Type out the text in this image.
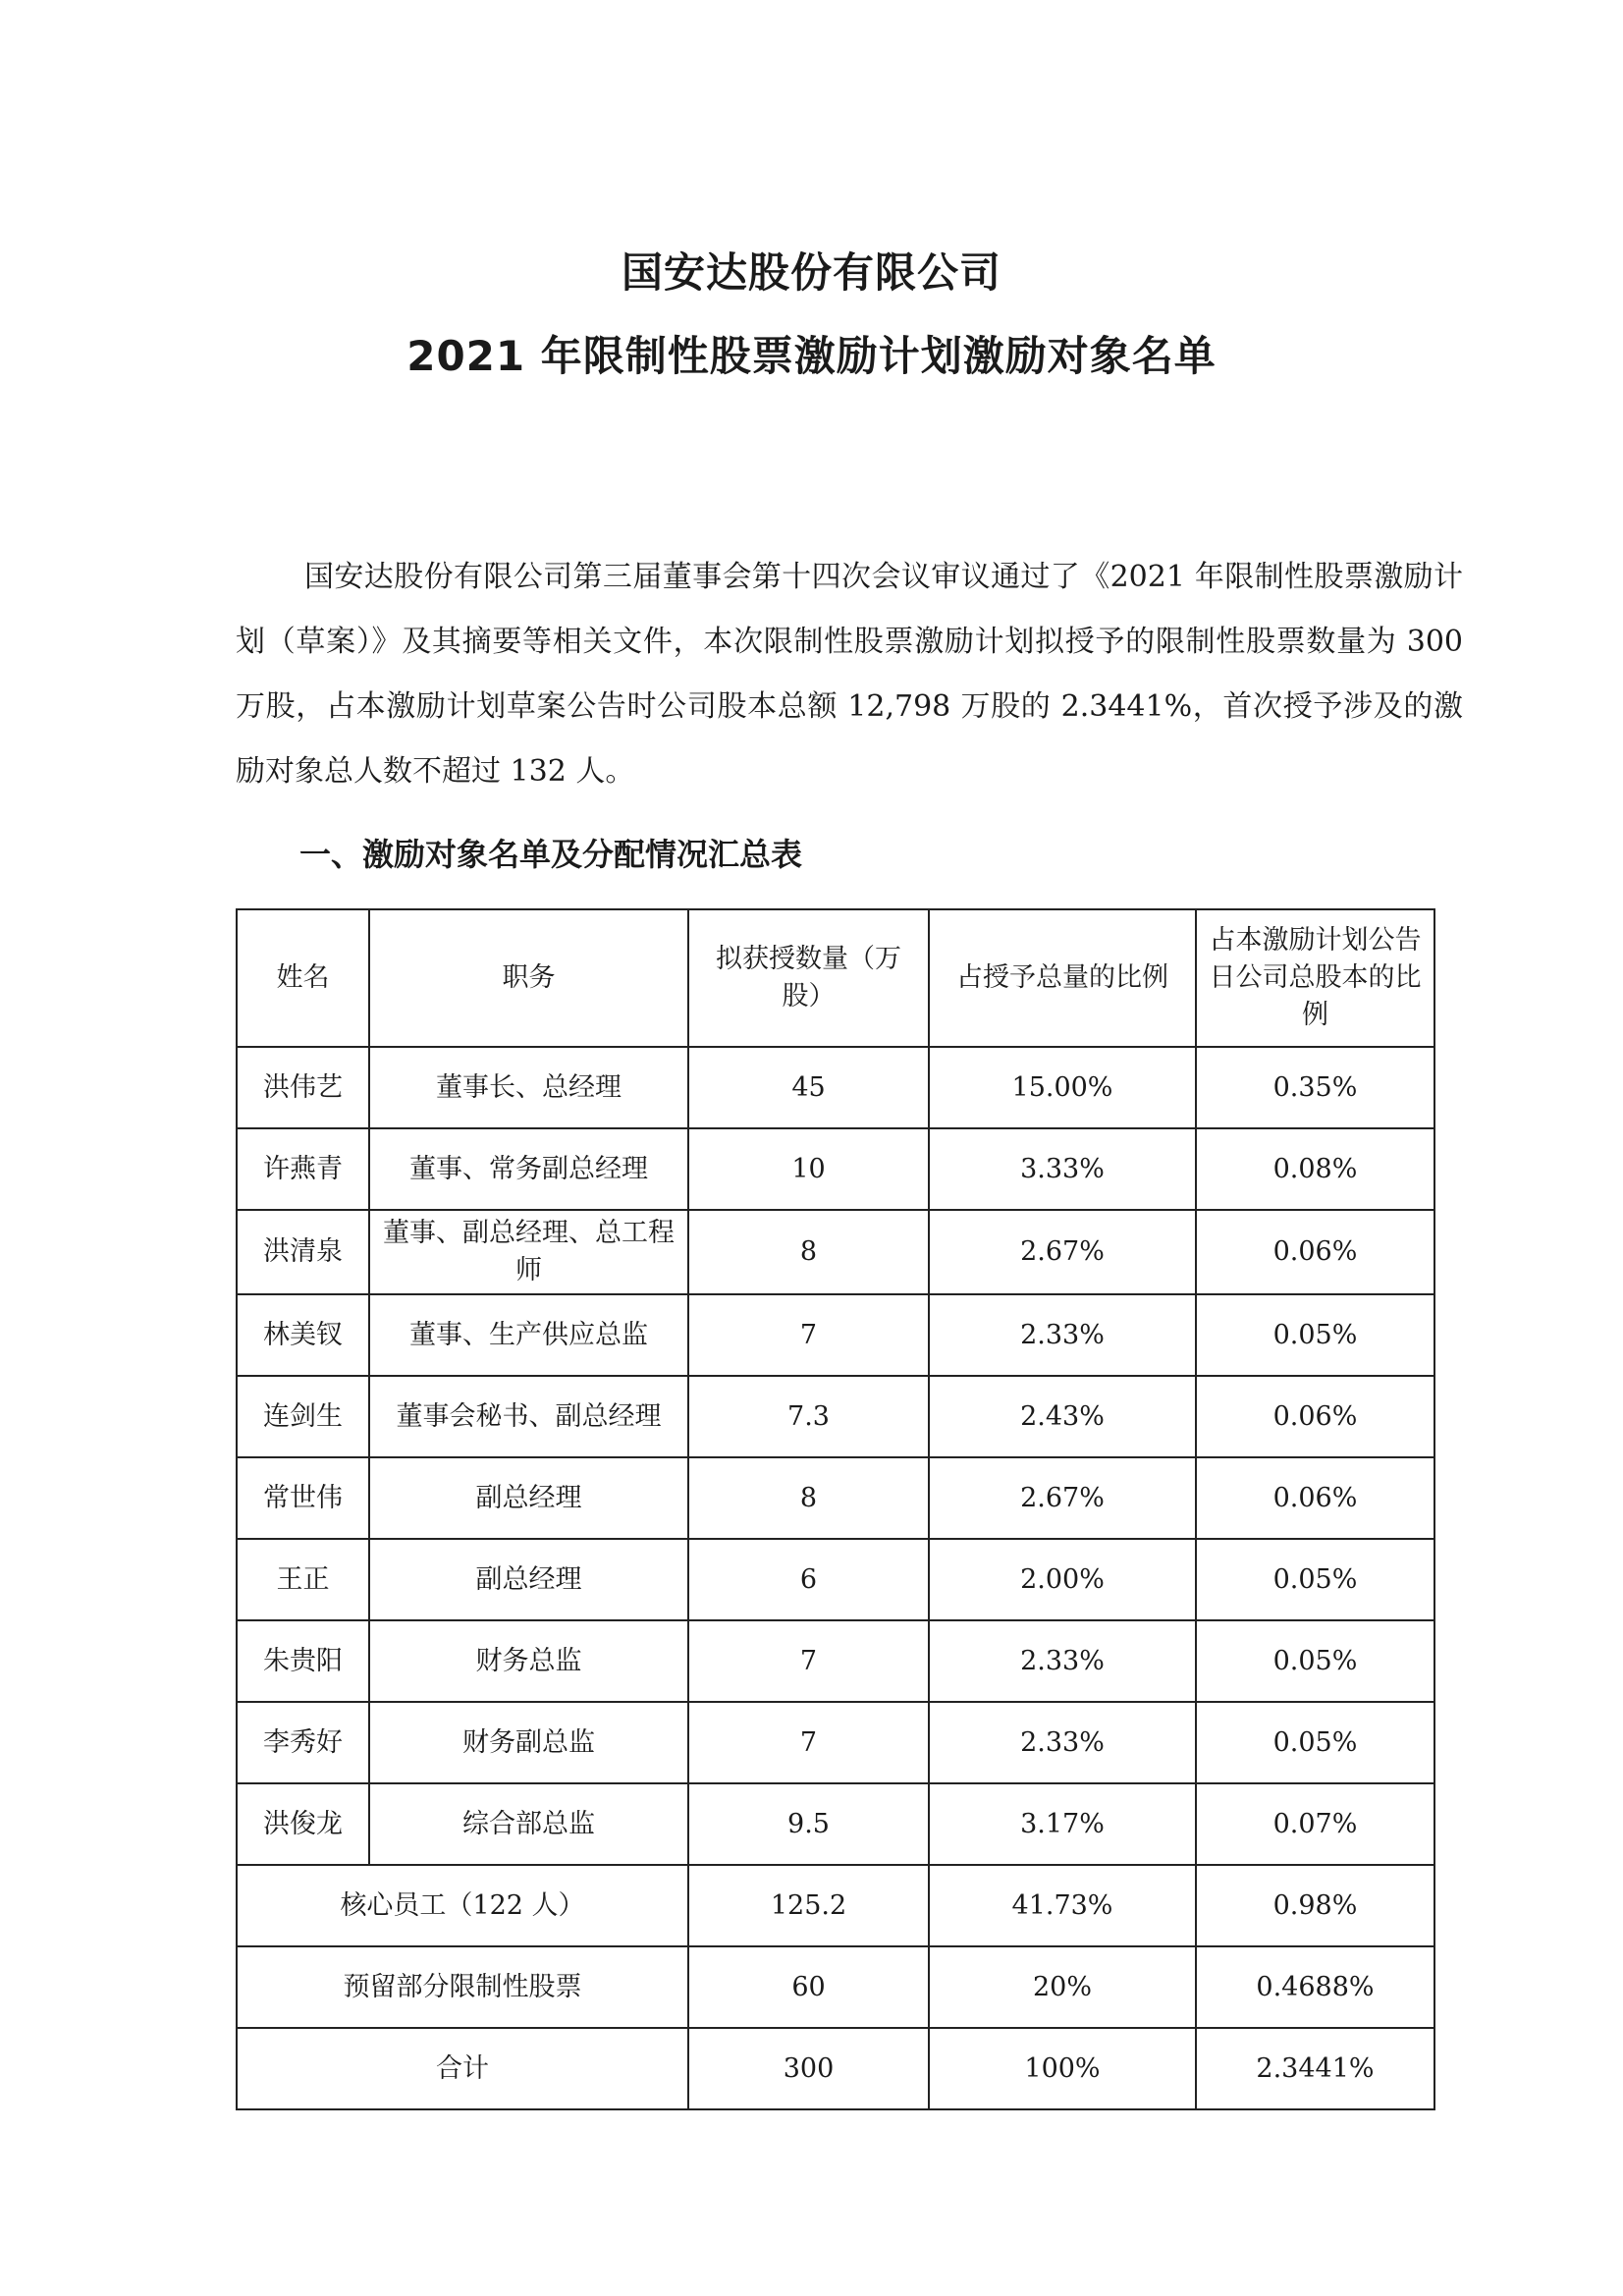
国安达股份有限公司
2021 年限制性股票激励计划激励对象名单

国安达股份有限公司第三届董事会第十四次会议审议通过了《2021 年限制性股票激励计划（草案）》及其摘要等相关文件，本次限制性股票激励计划拟授予的限制性股票数量为 300 万股，占本激励计划草案公告时公司股本总额 12,798 万股的 2.3441%，首次授予涉及的激励对象总人数不超过 132 人。

一、激励对象名单及分配情况汇总表
姓名	职务	拟获授数量（万股）	占授予总量的比例	占本激励计划公告日公司总股本的比例
洪伟艺	董事长、总经理	45	15.00%	0.35%
许燕青	董事、常务副总经理	10	3.33%	0.08%
洪清泉	董事、副总经理、总工程师	8	2.67%	0.06%
林美钗	董事、生产供应总监	7	2.33%	0.05%
连剑生	董事会秘书、副总经理	7.3	2.43%	0.06%
常世伟	副总经理	8	2.67%	0.06%
王正	副总经理	6	2.00%	0.05%
朱贵阳	财务总监	7	2.33%	0.05%
李秀好	财务副总监	7	2.33%	0.05%
洪俊龙	综合部总监	9.5	3.17%	0.07%
核心员工（122 人）		125.2	41.73%	0.98%
预留部分限制性股票		60	20%	0.4688%
合计		300	100%	2.3441%
